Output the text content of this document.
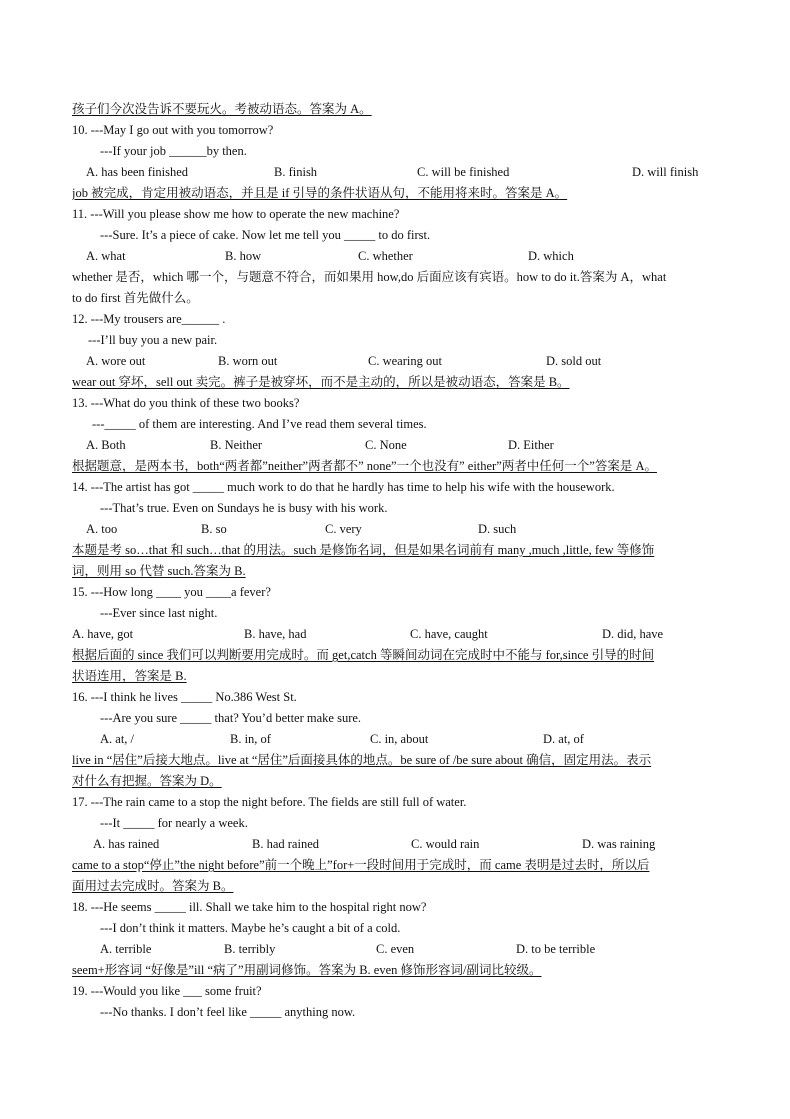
孩子们今次没告诉不要玩火。考被动语态。答案为 A。
10. ---May I go out with you tomorrow?
---If your job ______by then.
A. has been finished	B. finish	C. will be finished	D. will finish
job 被完成，肯定用被动语态，并且是 if 引导的条件状语从句，不能用将来时。答案是 A。
11. ---Will you please show me how to operate the new machine?
---Sure. It’s a piece of cake. Now let me tell you _____ to do first.
A. what	B. how	C. whether	D. which
whether 是否，which 哪一个，与题意不符合，而如果用 how,do 后面应该有宾语。how to do it.答案为 A，what
to do first 首先做什么。
12. ---My trousers are______ .
---I’ll buy you a new pair.
A. wore out	B. worn out	C. wearing out	D. sold out
wear out 穿坏，sell out 卖完。裤子是被穿坏，而不是主动的，所以是被动语态，答案是 B。
13. ---What do you think of these two books?
---_____ of them are interesting. And I’ve read them several times.
A. Both	B. Neither	C. None	D. Either
根据题意，是两本书，both“两者都”neither”两者都不” none”一个也没有” either”两者中任何一个”答案是 A。
14. ---The artist has got _____ much work to do that he hardly has time to help his wife with the housework.
---That’s true. Even on Sundays he is busy with his work.
A. too	B. so	C. very	D. such
本题是考 so…that 和 such…that 的用法。such 是修饰名词，但是如果名词前有 many ,much ,little, few 等修饰
词，则用 so 代替 such.答案为 B.
15. ---How long ____ you ____a fever?
---Ever since last night.
A. have, got	B. have, had	C. have, caught	D. did, have
根据后面的 since 我们可以判断要用完成时。而 get,catch 等瞬间动词在完成时中不能与 for,since 引导的时间
状语连用，答案是 B.
16. ---I think he lives _____ No.386 West St.
---Are you sure _____ that? You’d better make sure.
A. at, /	B. in, of	C. in, about	D. at, of
live in “居住”后接大地点。live at “居住”后面接具体的地点。be sure of /be sure about 确信，固定用法。表示
对什么有把握。答案为 D。
17. ---The rain came to a stop the night before. The fields are still full of water.
---It _____ for nearly a week.
A. has rained	B. had rained	C. would rain	D. was raining
came to a stop“停止”the night before”前一个晚上”for+一段时间用于完成时，而 came 表明是过去时，所以后
面用过去完成时。答案为 B。
18. ---He seems _____ ill. Shall we take him to the hospital right now?
---I don’t think it matters. Maybe he’s caught a bit of a cold.
A. terrible	B. terribly	C. even	D. to be terrible
seem+形容词 “好像是”ill “病了”用副词修饰。答案为 B. even 修饰形容词/副词比较级。
19. ---Would you like ___ some fruit?
---No thanks. I don’t feel like _____ anything now.
